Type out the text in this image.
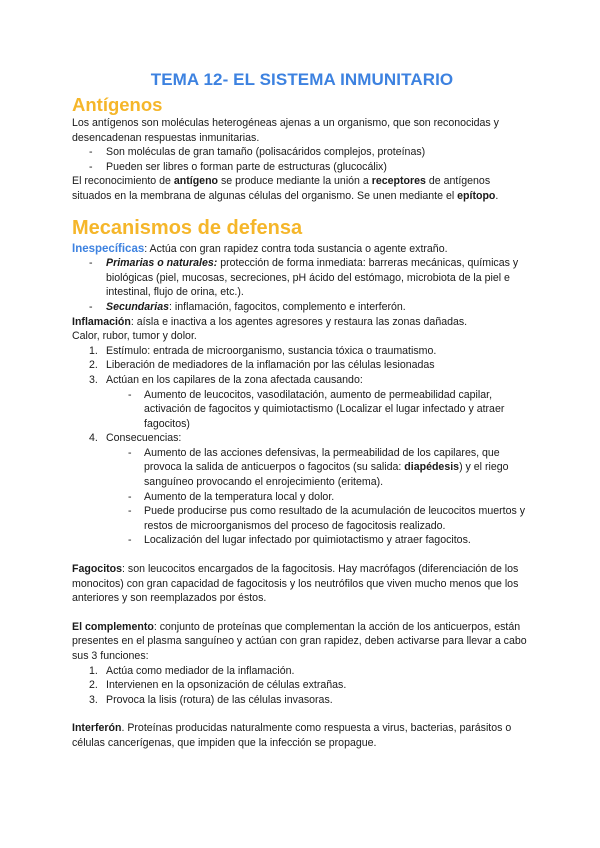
TEMA 12- EL SISTEMA INMUNITARIO
Antígenos

Los antígenos son moléculas heterogéneas ajenas a un organismo, que son reconocidas y desencadenan respuestas inmunitarias.

- Son moléculas de gran tamaño (polisacáridos complejos, proteínas)
- Pueden ser libres o forman parte de estructuras (glucocálix)

El reconocimiento de antígeno se produce mediante la unión a receptores de antígenos situados en la membrana de algunas células del organismo. Se unen mediante el epítopo.

Mecanismos de defensa

Inespecíficas: Actúa con gran rapidez contra toda sustancia o agente extraño.

- Primarias o naturales: protección de forma inmediata: barreras mecánicas, químicas y biológicas (piel, mucosas, secreciones, pH ácido del estómago, microbiota de la piel e intestinal, flujo de orina, etc.).
- Secundarias: inflamación, fagocitos, complemento e interferón.

Inflamación: aísla e inactiva a los agentes agresores y restaura las zonas dañadas.

Calor, rubor, tumor y dolor.

1. Estímulo: entrada de microorganismo, sustancia tóxica o traumatismo.
2. Liberación de mediadores de la inflamación por las células lesionadas
3. Actúan en los capilares de la zona afectada causando:
- Aumento de leucocitos, vasodilatación, aumento de permeabilidad capilar, activación de fagocitos y quimiotactismo (Localizar el lugar infectado y atraer fagocitos)
4. Consecuencias:
- Aumento de las acciones defensivas, la permeabilidad de los capilares, que provoca la salida de anticuerpos o fagocitos (su salida: diapédesis) y el riego sanguíneo provocando el enrojecimiento (eritema).
- Aumento de la temperatura local y dolor.
- Puede producirse pus como resultado de la acumulación de leucocitos muertos y restos de microorganismos del proceso de fagocitosis realizado.
- Localización del lugar infectado por quimiotactismo y atraer fagocitos.

Fagocitos: son leucocitos encargados de la fagocitosis. Hay macrófagos (diferenciación de los monocitos) con gran capacidad de fagocitosis y los neutrófilos que viven mucho menos que los anteriores y son reemplazados por éstos.

El complemento: conjunto de proteínas que complementan la acción de los anticuerpos, están presentes en el plasma sanguíneo y actúan con gran rapidez, deben activarse para llevar a cabo sus 3 funciones:

1. Actúa como mediador de la inflamación.
2. Intervienen en la opsonización de células extrañas.
3. Provoca la lisis (rotura) de las células invasoras.

Interferón. Proteínas producidas naturalmente como respuesta a virus, bacterias, parásitos o células cancerígenas, que impiden que la infección se propague.
